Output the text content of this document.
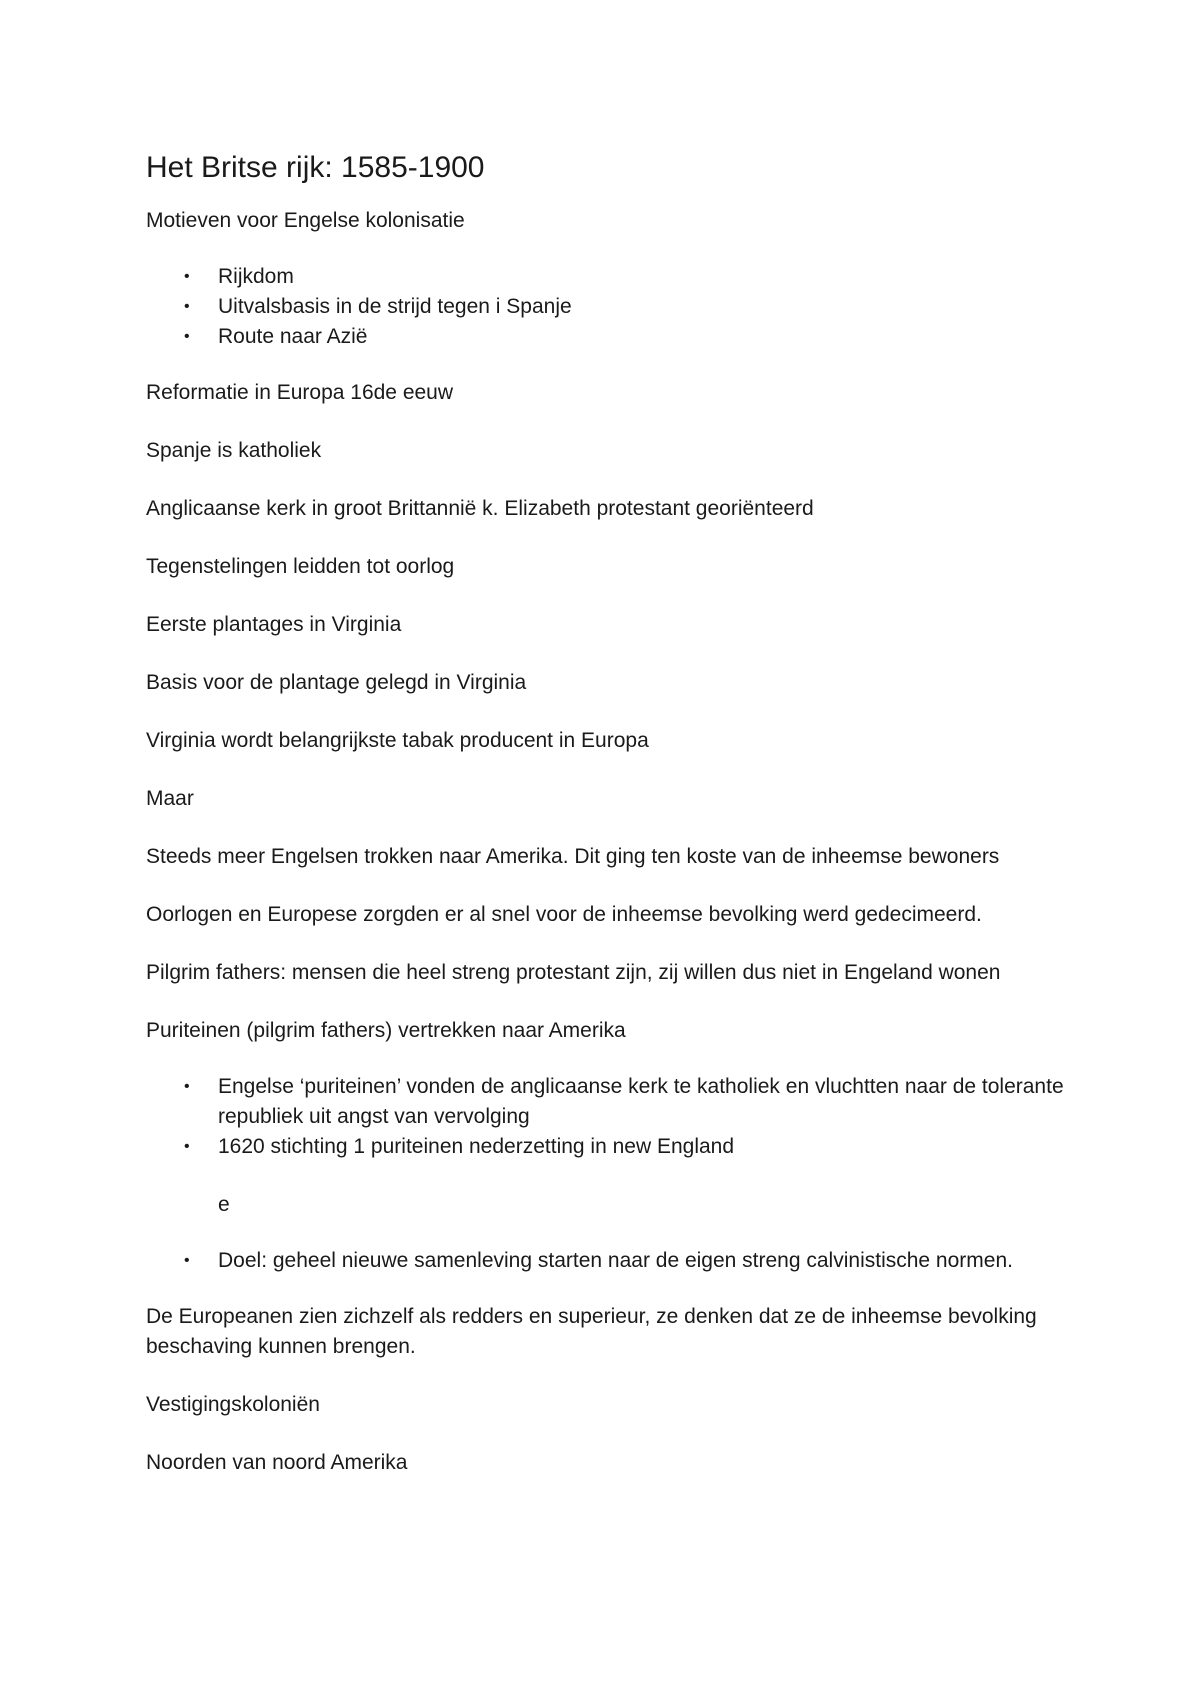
Het Britse rijk: 1585-1900
Motieven voor Engelse kolonisatie
• Rijkdom
• Uitvalsbasis in de strijd tegen i Spanje
• Route naar Azië
Reformatie in Europa 16de eeuw
Spanje is katholiek
Anglicaanse kerk in groot Brittannië k. Elizabeth protestant georiënteerd
Tegenstelingen leidden tot oorlog
Eerste plantages in Virginia
Basis voor de plantage gelegd in Virginia
Virginia wordt belangrijkste tabak producent in Europa
Maar
Steeds meer Engelsen trokken naar Amerika. Dit ging ten koste van de inheemse bewoners
Oorlogen en Europese zorgden er al snel voor de inheemse bevolking werd gedecimeerd.
Pilgrim fathers: mensen die heel streng protestant zijn, zij willen dus niet in Engeland wonen
Puriteinen (pilgrim fathers) vertrekken naar Amerika
• Engelse ‘puriteinen’ vonden de anglicaanse kerk te katholiek en vluchtten naar de tolerante republiek uit angst van vervolging
• 1620 stichting 1 puriteinen nederzetting in new England
e
• Doel: geheel nieuwe samenleving starten naar de eigen streng calvinistische normen.
De Europeanen zien zichzelf als redders en superieur, ze denken dat ze de inheemse bevolking beschaving kunnen brengen.
Vestigingskoloniën
Noorden van noord Amerika
